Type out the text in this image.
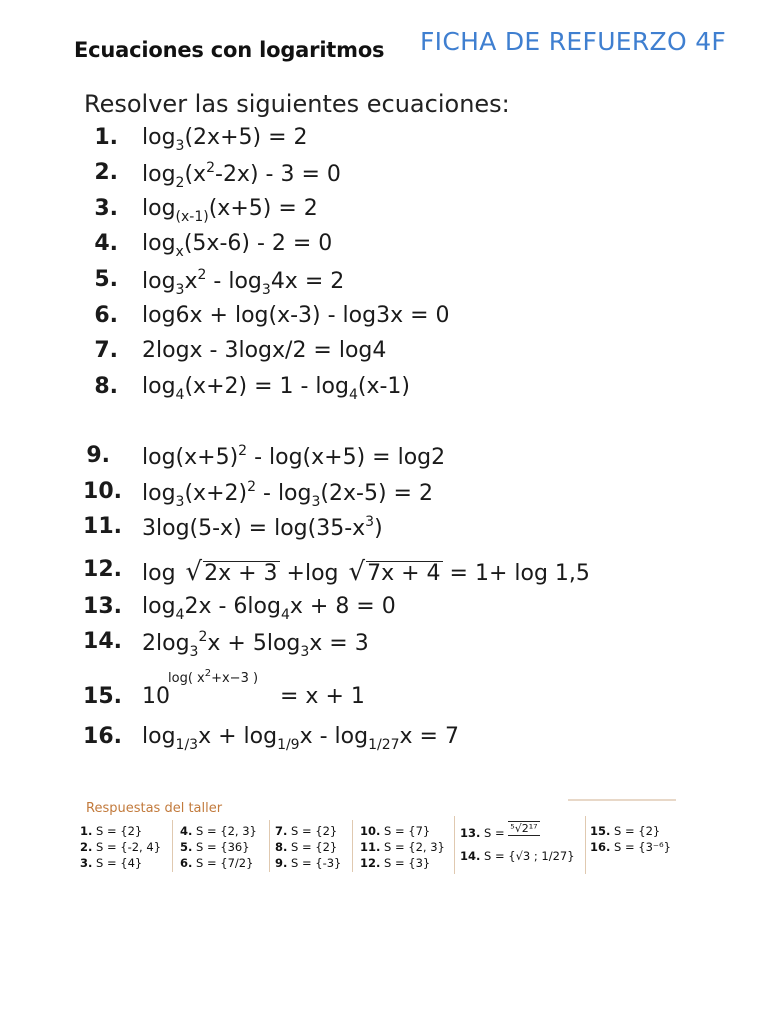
Ecuaciones con logaritmos FICHA DE REFUERZO 4F
Resolver las siguientes ecuaciones:
1. $\log_3(2x+5) = 2$
2. $\log_2(x^2-2x) - 3 = 0$
3. $\log_{(x-1)}(x+5) = 2$
4. $\log_x(5x-6) - 2 = 0$
5. $\log_3x^2 - \log_34x = 2$
6. log6x + log(x-3) - log3x = 0
7. 2logx - 3logx/2 = log4
8. $\log_4(x+2) = 1 - \log_4(x-1)$
9. $\log(x+5)^2 - \log(x+5) = \log 2$
10. $\log_3(x+2)^2 - \log_3(2x-5) = 2$
11. $3\log(5-x) = \log(35-x^3)$
12. log √2x + 3 +log √7x + 4 = 1+ log 1,5
13. $\log_42x - 6\log_4x + 8 = 0$
14. $2\log_3^2x + 5\log_3x = 3$
15. 10
log( $x^2+x-3$ )
= x + 1
16. $\log_{1/3}x + \log_{1/9}x - \log_{1/27}x = 7$
Respuestas del taller
1. S = {2}
2. S = {-2, 4}
3. S = {4}
4. S = {2, 3}
5. S = {36}
6. S = {7/2}
7. S = {2}
8. S = {2}
9. S = {-3}
10. S = {7}
11. S = {2, 3}
12. S = {3}
13. S = ⁵√2¹⁷
14. S = {√3 ; 1/27}
15. S = {2}
16. S = {3⁻⁶}
